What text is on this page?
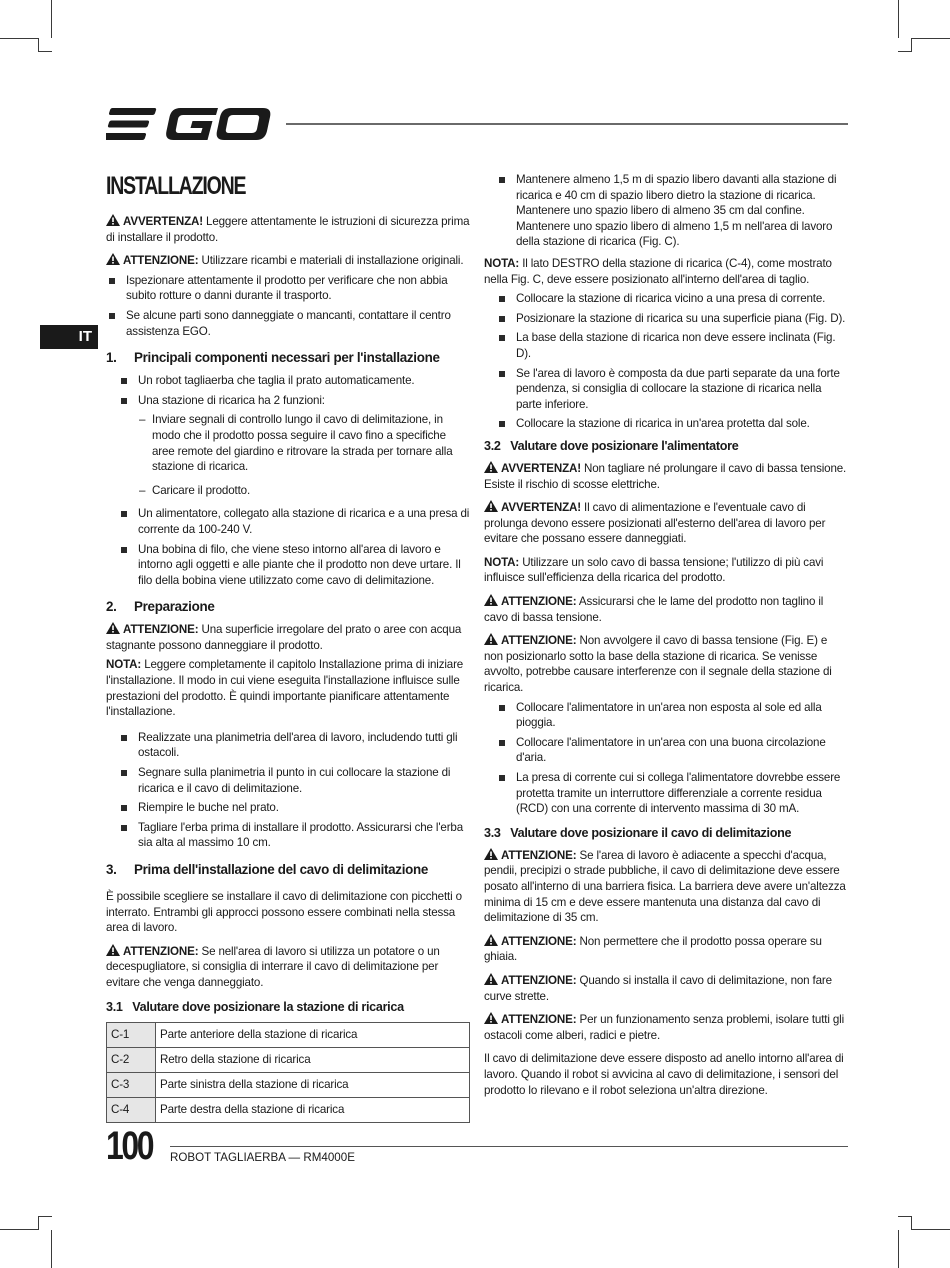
IT
INSTALLAZIONE

AVVERTENZA! Leggere attentamente le istruzioni di sicurezza prima di installare il prodotto.

ATTENZIONE: Utilizzare ricambi e materiali di installazione originali.

Ispezionare attentamente il prodotto per verificare che non abbia subito rotture o danni durante il trasporto.
Se alcune parti sono danneggiate o mancanti, contattare il centro assistenza EGO.
1. Principali componenti necessari per l'installazione
Un robot tagliaerba che taglia il prato automaticamente.
Una stazione di ricarica ha 2 funzioni:
– Inviare segnali di controllo lungo il cavo di delimitazione, in modo che il prodotto possa seguire il cavo fino a specifiche aree remote del giardino e ritrovare la strada per tornare alla stazione di ricarica.
– Caricare il prodotto.
Un alimentatore, collegato alla stazione di ricarica e a una presa di corrente da 100-240 V.
Una bobina di filo, che viene steso intorno all'area di lavoro e intorno agli oggetti e alle piante che il prodotto non deve urtare. Il filo della bobina viene utilizzato come cavo di delimitazione.
2. Preparazione

ATTENZIONE: Una superficie irregolare del prato o aree con acqua stagnante possono danneggiare il prodotto.

NOTA: Leggere completamente il capitolo Installazione prima di iniziare l'installazione. Il modo in cui viene eseguita l'installazione influisce sulle prestazioni del prodotto. È quindi importante pianificare attentamente l'installazione.

Realizzate una planimetria dell'area di lavoro, includendo tutti gli ostacoli.
Segnare sulla planimetria il punto in cui collocare la stazione di ricarica e il cavo di delimitazione.
Riempire le buche nel prato.
Tagliare l'erba prima di installare il prodotto. Assicurarsi che l'erba sia alta al massimo 10 cm.
3. Prima dell'installazione del cavo di delimitazione

È possibile scegliere se installare il cavo di delimitazione con picchetti o interrato. Entrambi gli approcci possono essere combinati nella stessa area di lavoro.

ATTENZIONE: Se nell'area di lavoro si utilizza un potatore o un decespugliatore, si consiglia di interrare il cavo di delimitazione per evitare che venga danneggiato.

3.1   Valutare dove posizionare la stazione di ricarica
C-1	Parte anteriore della stazione di ricarica
C-2	Retro della stazione di ricarica
C-3	Parte sinistra della stazione di ricarica
C-4	Parte destra della stazione di ricarica
Mantenere almeno 1,5 m di spazio libero davanti alla stazione di ricarica e 40 cm di spazio libero dietro la stazione di ricarica. Mantenere uno spazio libero di almeno 35 cm dal confine. Mantenere uno spazio libero di almeno 1,5 m nell'area di lavoro della stazione di ricarica (Fig. C).

NOTA: Il lato DESTRO della stazione di ricarica (C-4), come mostrato nella Fig. C, deve essere posizionato all'interno dell'area di taglio.

Collocare la stazione di ricarica vicino a una presa di corrente.
Posizionare la stazione di ricarica su una superficie piana (Fig. D).
La base della stazione di ricarica non deve essere inclinata (Fig. D).
Se l'area di lavoro è composta da due parti separate da una forte pendenza, si consiglia di collocare la stazione di ricarica nella parte inferiore.
Collocare la stazione di ricarica in un'area protetta dal sole.
3.2   Valutare dove posizionare l'alimentatore

AVVERTENZA! Non tagliare né prolungare il cavo di bassa tensione. Esiste il rischio di scosse elettriche.

AVVERTENZA! Il cavo di alimentazione e l'eventuale cavo di prolunga devono essere posizionati all'esterno dell'area di lavoro per evitare che possano essere danneggiati.

NOTA: Utilizzare un solo cavo di bassa tensione; l'utilizzo di più cavi influisce sull'efficienza della ricarica del prodotto.

ATTENZIONE: Assicurarsi che le lame del prodotto non taglino il cavo di bassa tensione.

ATTENZIONE: Non avvolgere il cavo di bassa tensione (Fig. E) e non posizionarlo sotto la base della stazione di ricarica. Se venisse avvolto, potrebbe causare interferenze con il segnale della stazione di ricarica.

Collocare l'alimentatore in un'area non esposta al sole ed alla pioggia.
Collocare l'alimentatore in un'area con una buona circolazione d'aria.
La presa di corrente cui si collega l'alimentatore dovrebbe essere protetta tramite un interruttore differenziale a corrente residua (RCD) con una corrente di intervento massima di 30 mA.
3.3   Valutare dove posizionare il cavo di delimitazione

ATTENZIONE: Se l'area di lavoro è adiacente a specchi d'acqua, pendii, precipizi o strade pubbliche, il cavo di delimitazione deve essere posato all'interno di una barriera fisica. La barriera deve avere un'altezza minima di 15 cm e deve essere mantenuta una distanza dal cavo di delimitazione di 35 cm.

ATTENZIONE: Non permettere che il prodotto possa operare su ghiaia.

ATTENZIONE: Quando si installa il cavo di delimitazione, non fare curve strette.

ATTENZIONE: Per un funzionamento senza problemi, isolare tutti gli ostacoli come alberi, radici e pietre.

Il cavo di delimitazione deve essere disposto ad anello intorno all'area di lavoro. Quando il robot si avvicina al cavo di delimitazione, i sensori del prodotto lo rilevano e il robot seleziona un'altra direzione.

100 ROBOT TAGLIAERBA — RM4000E
